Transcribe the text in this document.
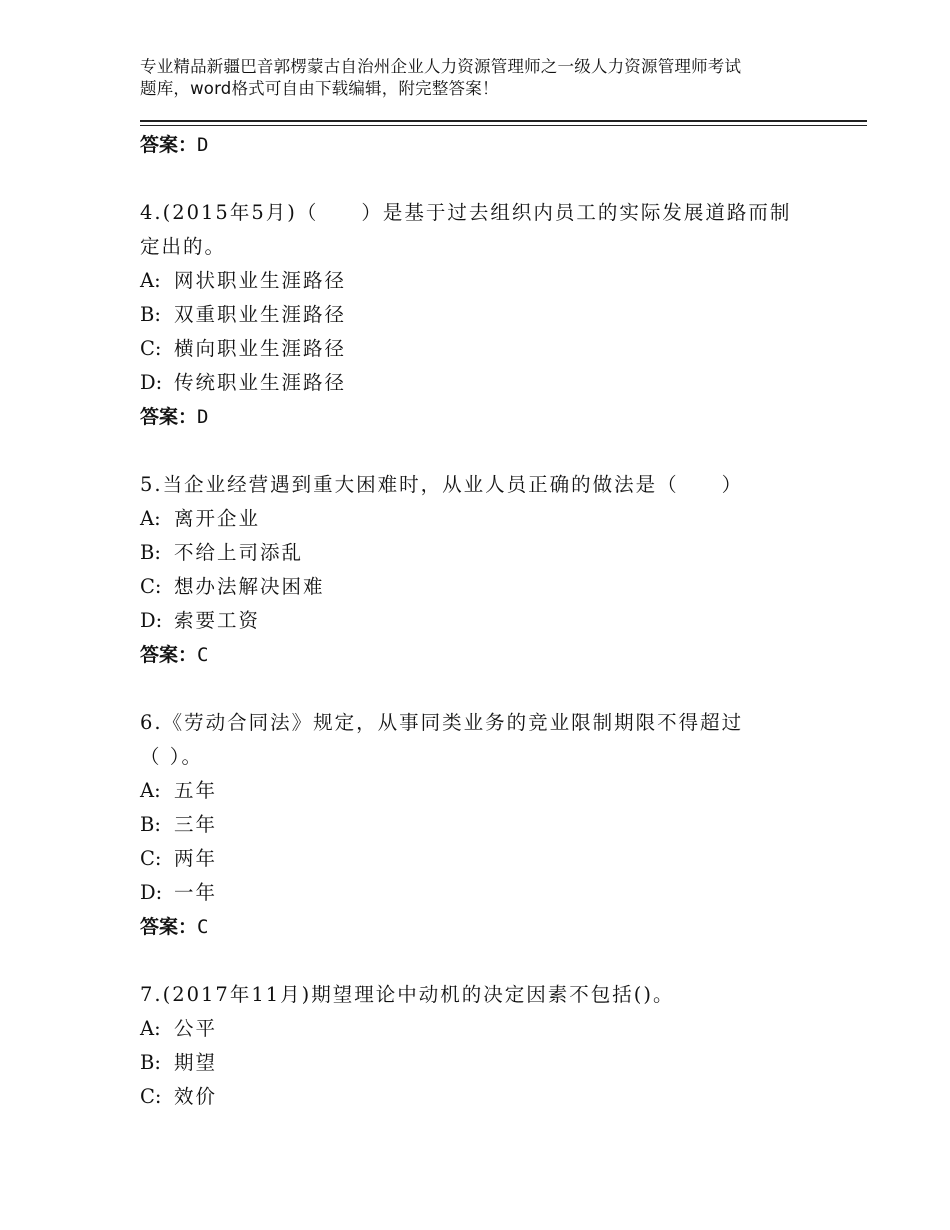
专业精品新疆巴音郭楞蒙古自治州企业人力资源管理师之一级人力资源管理师考试
题库，word格式可自由下载编辑，附完整答案！
答案：D
4.(2015年5月)（　　）是基于过去组织内员工的实际发展道路而制
定出的。
A: 网状职业生涯路径
B: 双重职业生涯路径
C: 横向职业生涯路径
D: 传统职业生涯路径
答案：D
5.当企业经营遇到重大困难时，从业人员正确的做法是（　　）
A: 离开企业
B: 不给上司添乱
C: 想办法解决困难
D: 索要工资
答案：C
6.《劳动合同法》规定，从事同类业务的竞业限制期限不得超过
（ ）。
A: 五年
B: 三年
C: 两年
D: 一年
答案：C
7.(2017年11月)期望理论中动机的决定因素不包括()。
A: 公平
B: 期望
C: 效价
